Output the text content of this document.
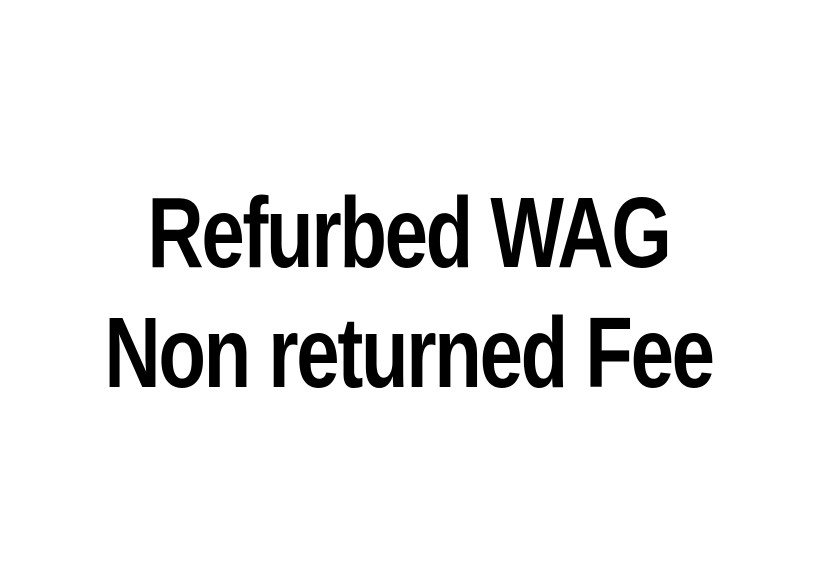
Refurbed WAG
Non returned Fee
